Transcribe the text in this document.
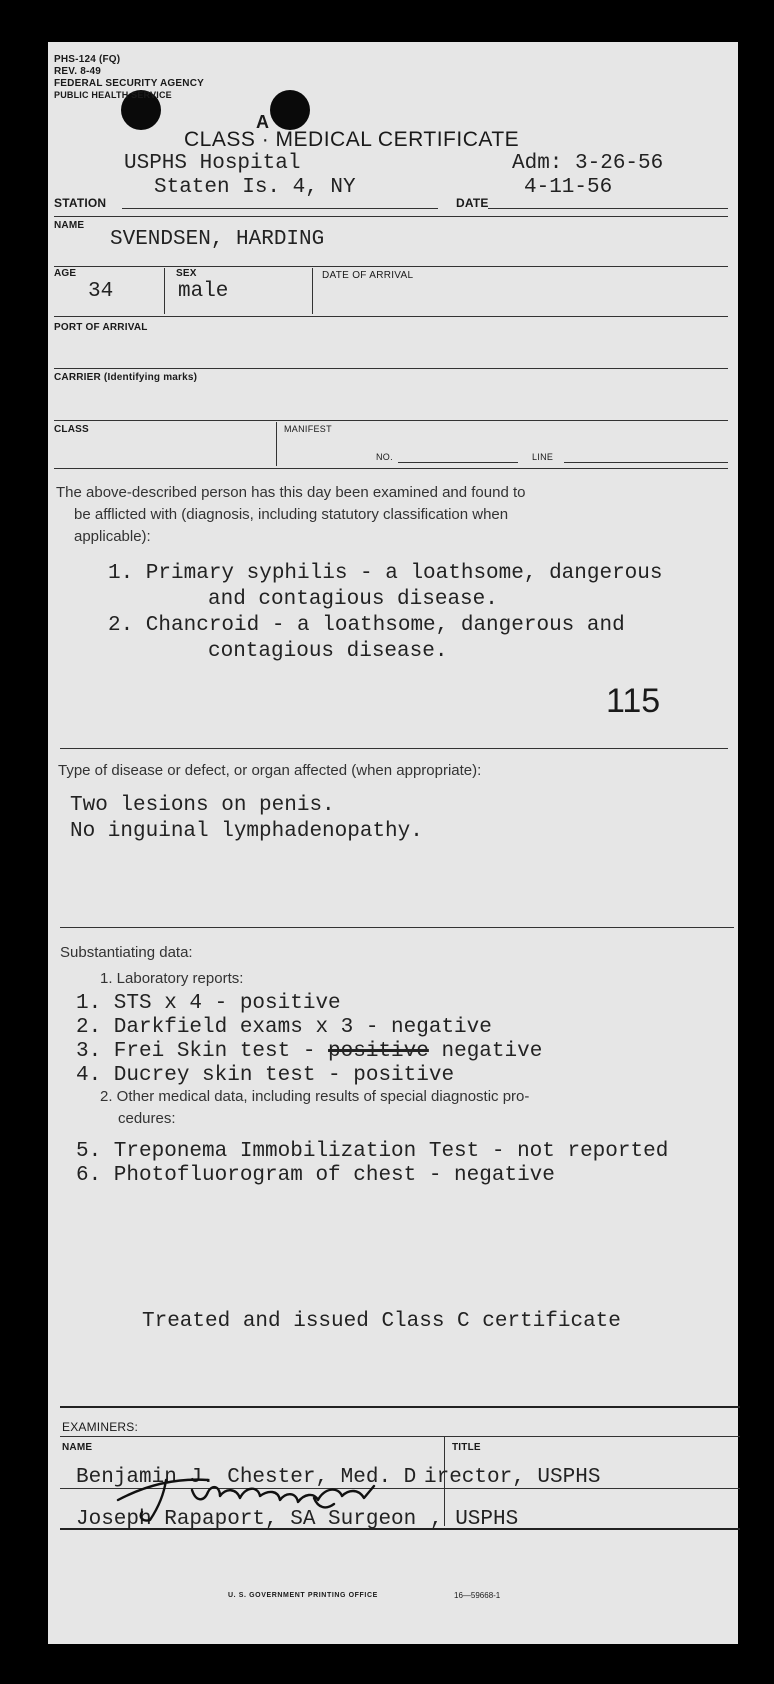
PHS-124 (FQ)
REV. 8-49
FEDERAL SECURITY AGENCY
PUBLIC HEALTH SERVICE
A
CLASS · MEDICAL CERTIFICATE
USPHS Hospital	Adm: 3-26-56
STATION
Staten Is. 4, NY
DATE
4-11-56
NAME
SVENDSEN, HARDING
AGE
34
SEX
male
DATE OF ARRIVAL
PORT OF ARRIVAL
CARRIER (Identifying marks)
CLASS	MANIFEST
NO.	LINE
The above-described person has this day been examined and found to
be afflicted with (diagnosis, including statutory classification when
applicable):
1. Primary syphilis - a loathsome, dangerous
and contagious disease.
2. Chancroid - a loathsome, dangerous and
contagious disease.
115
Type of disease or defect, or organ affected (when appropriate):
Two lesions on penis.
No inguinal lymphadenopathy.
Substantiating data:
1. Laboratory reports:
1. STS x 4 - positive
2. Darkfield exams x 3 - negative
3. Frei Skin test - positive negative
4. Ducrey skin test - positive
2. Other medical data, including results of special diagnostic pro-
cedures:
5. Treponema Immobilization Test - not reported
6. Photofluorogram of chest - negative
Treated and issued Class C certificate
EXAMINERS:
NAME	TITLE
Benjamin J. Chester, Med. D irector, USPHS
Joseph Rapaport, SA Surgeon , USPHS
U. S. GOVERNMENT PRINTING OFFICE	16—59668-1
